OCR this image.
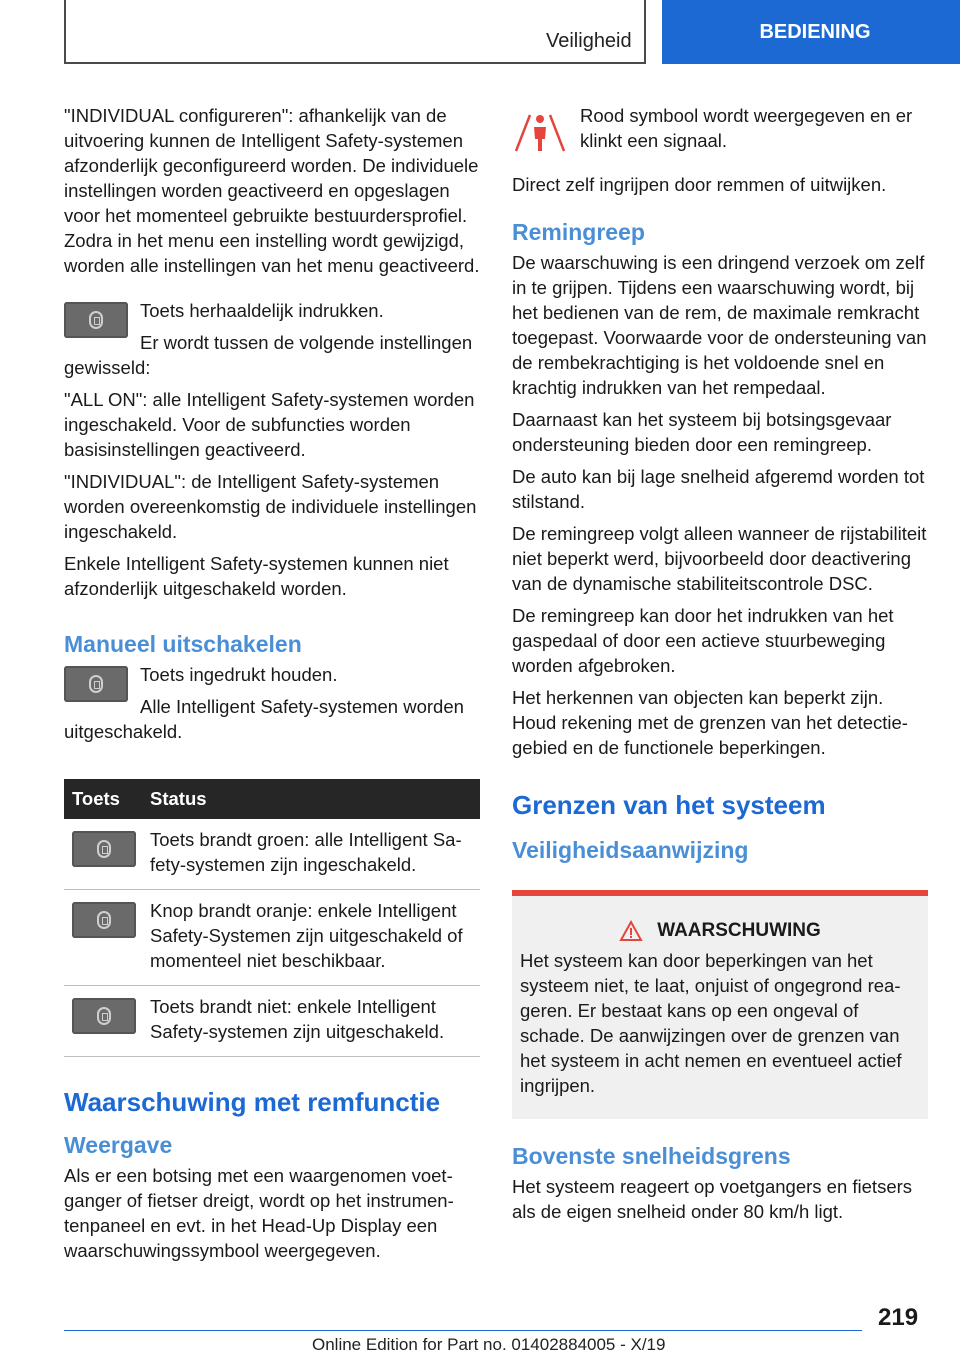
Veiligheid	BEDIENING

"INDIVIDUAL configureren": afhankelijk van de uitvoering kunnen de Intelligent Safety-systemen afzonderlijk geconfigureerd worden. De individuele instellingen worden geactiveerd en opgeslagen voor het momenteel gebruikte bestuurdersprofiel. Zodra in het menu een instelling wordt gewijzigd, worden alle instellingen van het menu geactiveerd.

Toets herhaaldelijk indrukken.

Er wordt tussen de volgende instellingen gewisseld:

"ALL ON": alle Intelligent Safety-systemen worden ingeschakeld. Voor de subfuncties worden basisinstellingen geactiveerd.

"INDIVIDUAL": de Intelligent Safety-systemen worden overeenkomstig de individuele instellingen ingeschakeld.

Enkele Intelligent Safety-systemen kunnen niet afzonderlijk uitgeschakeld worden.

Manueel uitschakelen

Toets ingedrukt houden.

Alle Intelligent Safety-systemen worden uitgeschakeld.

Toets	Status

	Toets brandt groen: alle Intelligent Safety-systemen zijn ingeschakeld.

	Knop brandt oranje: enkele Intelligent Safety-Systemen zijn uitgeschakeld of momenteel niet beschikbaar.

	Toets brandt niet: enkele Intelligent Safety-systemen zijn uitgeschakeld.
Waarschuwing met remfunctie
Weergave

Als er een botsing met een waargenomen voetganger of fietser dreigt, wordt op het instrumentenpaneel en evt. in het Head-Up Display een waarschuwingssymbool weergegeven.

Rood symbool wordt weergegeven en er klinkt een signaal.

Direct zelf ingrijpen door remmen of uitwijken.

Remingreep

De waarschuwing is een dringend verzoek om zelf in te grijpen. Tijdens een waarschuwing wordt, bij het bedienen van de rem, de maximale remkracht toegepast. Voorwaarde voor de ondersteuning van de rembekrachtiging is het voldoende snel en krachtig indrukken van het rempedaal.

Daarnaast kan het systeem bij botsingsgevaar ondersteuning bieden door een remingreep.

De auto kan bij lage snelheid afgeremd worden tot stilstand.

De remingreep volgt alleen wanneer de rijstabiliteit niet beperkt werd, bijvoorbeeld door deactivering van de dynamische stabiliteitscontrole DSC.

De remingreep kan door het indrukken van het gaspedaal of door een actieve stuurbeweging worden afgebroken.

Het herkennen van objecten kan beperkt zijn. Houd rekening met de grenzen van het detectiegebied en de functionele beperkingen.

Grenzen van het systeem
Veiligheidsaanwijzing
WAARSCHUWING

Het systeem kan door beperkingen van het systeem niet, te laat, onjuist of ongegrond reageren. Er bestaat kans op een ongeval of schade. De aanwijzingen over de grenzen van het systeem in acht nemen en eventueel actief ingrijpen.

Bovenste snelheidsgrens

Het systeem reageert op voetgangers en fietsers als de eigen snelheid onder 80 km/h ligt.

219
Online Edition for Part no. 01402884005 - X/19
